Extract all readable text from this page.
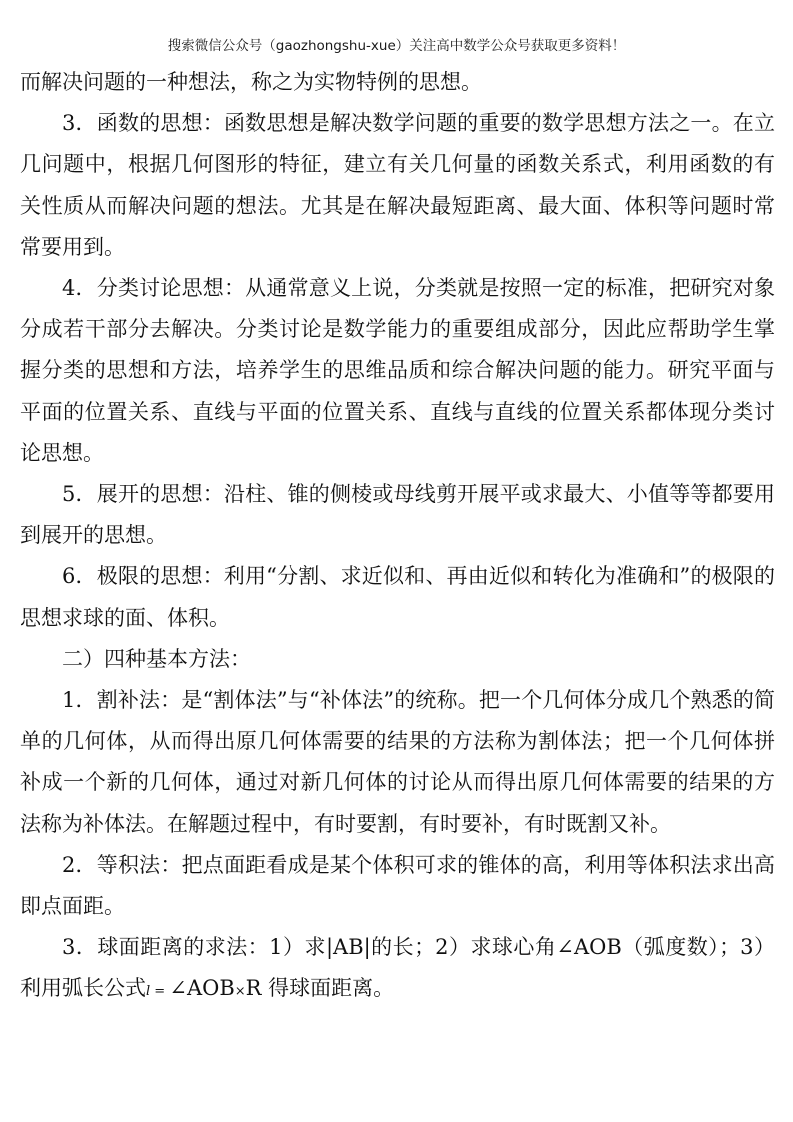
搜索微信公众号（gaozhongshu-xue）关注高中数学公众号获取更多资料！

而解决问题的一种想法，称之为实物特例的思想。

3．函数的思想：函数思想是解决数学问题的重要的数学思想方法之一。在立几问题中，根据几何图形的特征，建立有关几何量的函数关系式，利用函数的有关性质从而解决问题的想法。尤其是在解决最短距离、最大面、体积等问题时常常要用到。

4．分类讨论思想：从通常意义上说，分类就是按照一定的标准，把研究对象分成若干部分去解决。分类讨论是数学能力的重要组成部分，因此应帮助学生掌握分类的思想和方法，培养学生的思维品质和综合解决问题的能力。研究平面与平面的位置关系、直线与平面的位置关系、直线与直线的位置关系都体现分类讨论思想。

5．展开的思想：沿柱、锥的侧棱或母线剪开展平或求最大、小值等等都要用到展开的思想。

6．极限的思想：利用“分割、求近似和、再由近似和转化为准确和”的极限的思想求球的面、体积。

二）四种基本方法：

1．割补法：是“割体法”与“补体法”的统称。把一个几何体分成几个熟悉的简单的几何体，从而得出原几何体需要的结果的方法称为割体法；把一个几何体拼补成一个新的几何体，通过对新几何体的讨论从而得出原几何体需要的结果的方法称为补体法。在解题过程中，有时要割，有时要补，有时既割又补。

2．等积法：把点面距看成是某个体积可求的锥体的高，利用等体积法求出高即点面距。

3．球面距离的求法：1）求|AB|的长；2）求球心角∠AOB（弧度数）；3）利用弧长公式l = ∠AOB×R 得球面距离。
